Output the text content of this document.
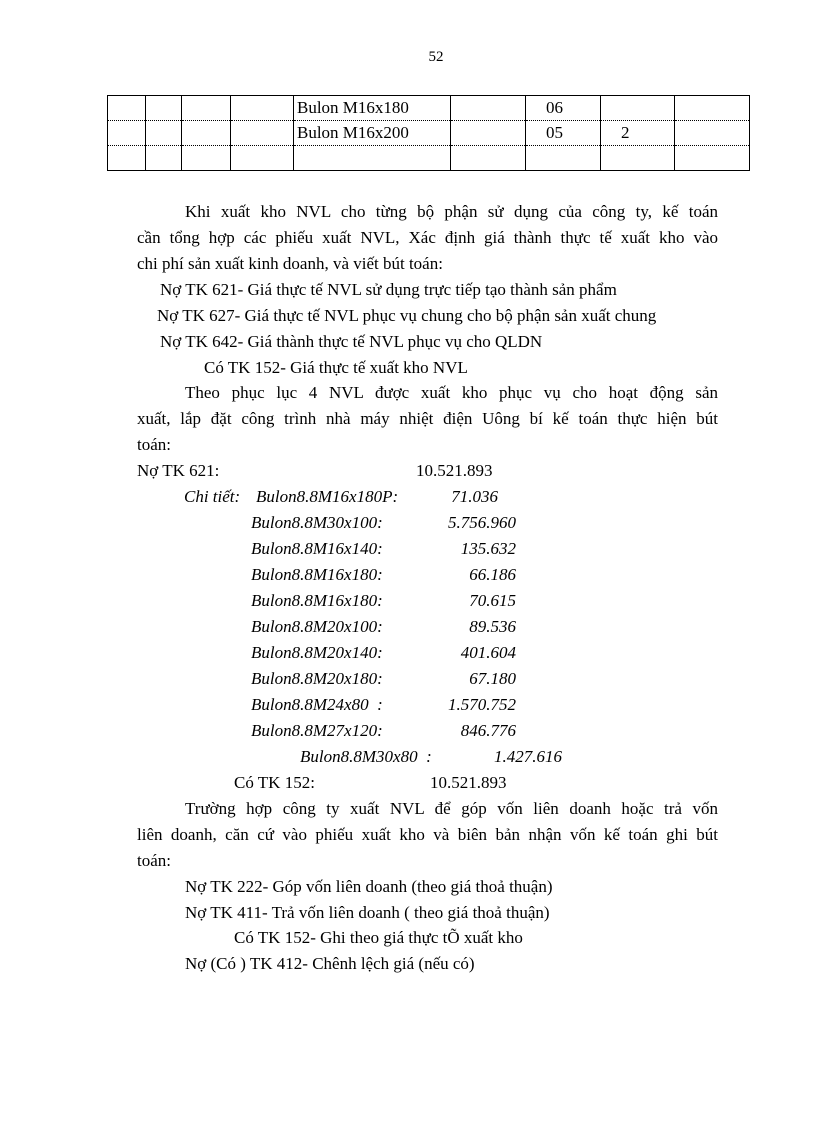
52
				Bulon M16x180		06		
				Bulon M16x200		05	2	

Khi xuất kho NVL cho từng bộ phận sử dụng của công ty, kế toán
cần tổng hợp các phiếu xuất NVL, Xác định giá thành thực tế xuất kho vào
chi phí sản xuất kinh doanh, và viết bút toán:
Nợ TK 621- Giá thực tế NVL sử dụng trực tiếp tạo thành sản phẩm
Nợ TK 627- Giá thực tế NVL phục vụ chung cho bộ phận sản xuất chung
Nợ TK 642- Giá thành thực tế NVL phục vụ cho QLDN
Có TK 152- Giá thực tế xuất kho NVL
Theo phục lục 4 NVL được xuất kho phục vụ cho hoạt động sản
xuất, lắp đặt công trình nhà máy nhiệt điện Uông bí kế toán thực hiện bút
toán:
Nợ TK 621:	10.521.893
Chi tiết: Bulon8.8M16x180P:	71.036
Bulon8.8M30x100:	5.756.960
Bulon8.8M16x140:	135.632
Bulon8.8M16x180:	66.186
Bulon8.8M16x180:	70.615
Bulon8.8M20x100:	89.536
Bulon8.8M20x140:	401.604
Bulon8.8M20x180:	67.180
Bulon8.8M24x80  :	1.570.752
Bulon8.8M27x120:	846.776
Bulon8.8M30x80  :	1.427.616
Có TK 152:	10.521.893
Trường hợp công ty xuất NVL để góp vốn liên doanh hoặc trả vốn
liên doanh, căn cứ vào phiếu xuất kho và biên bản nhận vốn kế toán ghi bút
toán:
Nợ TK 222- Góp vốn liên doanh (theo giá thoả thuận)
Nợ TK 411- Trả vốn liên doanh ( theo giá thoả thuận)
Có TK 152- Ghi theo giá thực tÕ xuất kho
Nợ (Có ) TK 412- Chênh lệch giá (nếu có)
